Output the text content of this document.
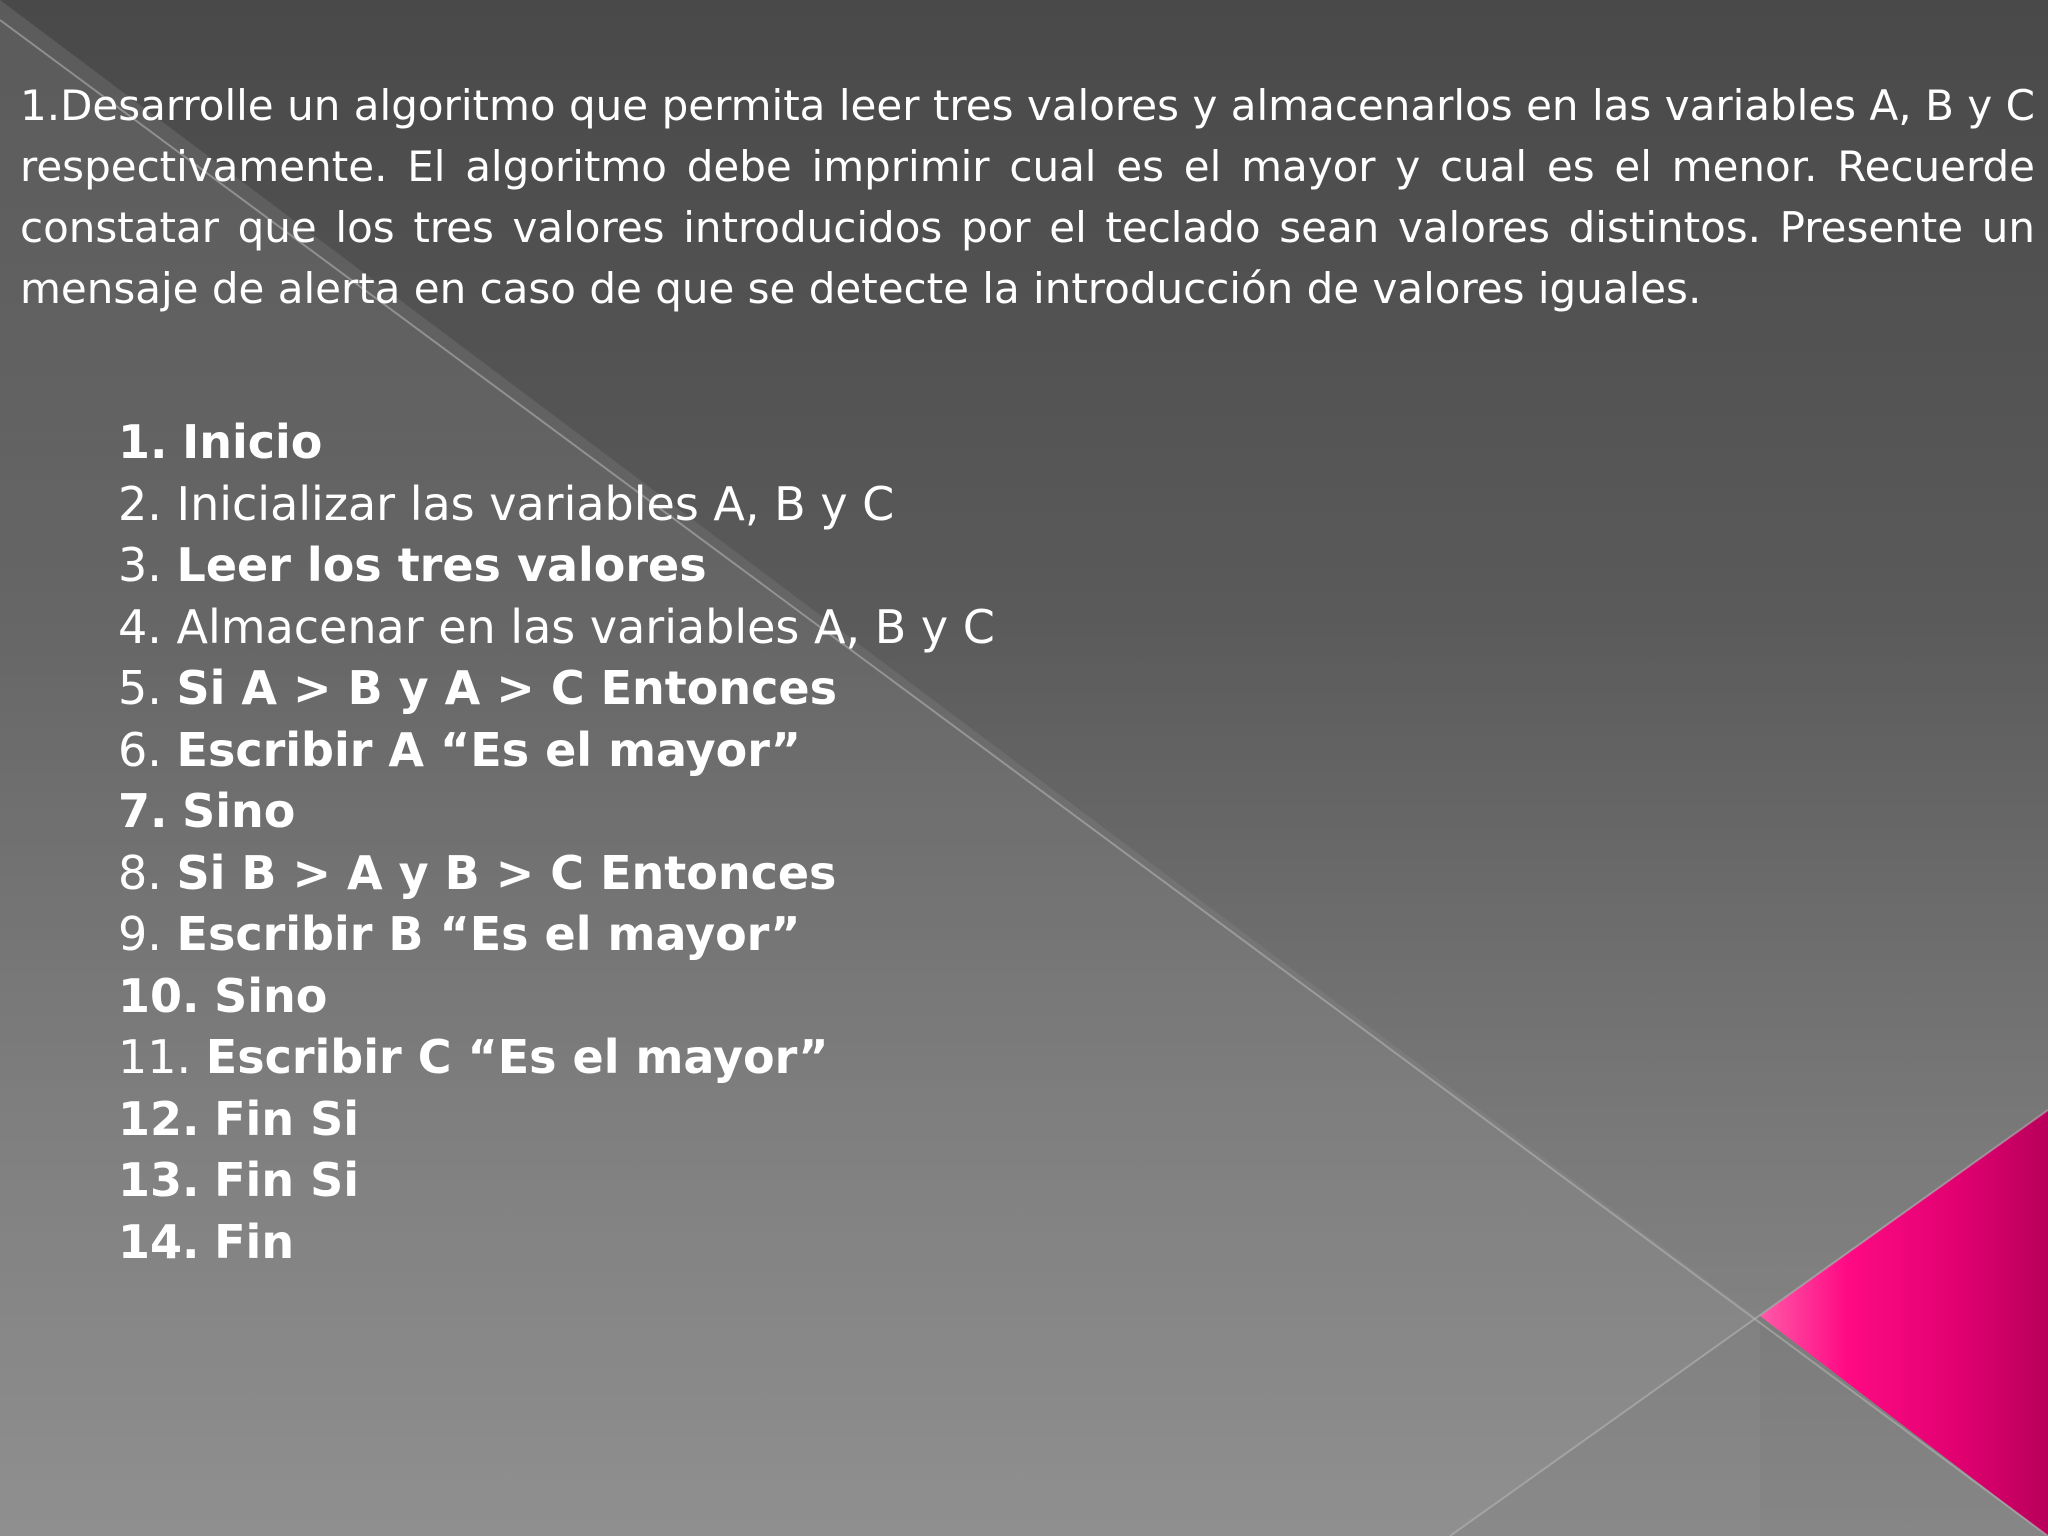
1.Desarrolle un algoritmo que permita leer tres valores y almacenarlos en las variables A, B y C respectivamente. El algoritmo debe imprimir cual es el mayor y cual es el menor. Recuerde constatar que los tres valores introducidos por el teclado sean valores distintos. Presente un mensaje de alerta en caso de que se detecte la introducción de valores iguales.

1. Inicio
2. Inicializar las variables A, B y C
3. Leer los tres valores
4. Almacenar en las variables A, B y C
5. Si A > B y A > C Entonces
6. Escribir A “Es el mayor”
7. Sino
8. Si B > A y B > C Entonces
9. Escribir B “Es el mayor”
10. Sino
11. Escribir C “Es el mayor”
12. Fin Si
13. Fin Si
14. Fin
